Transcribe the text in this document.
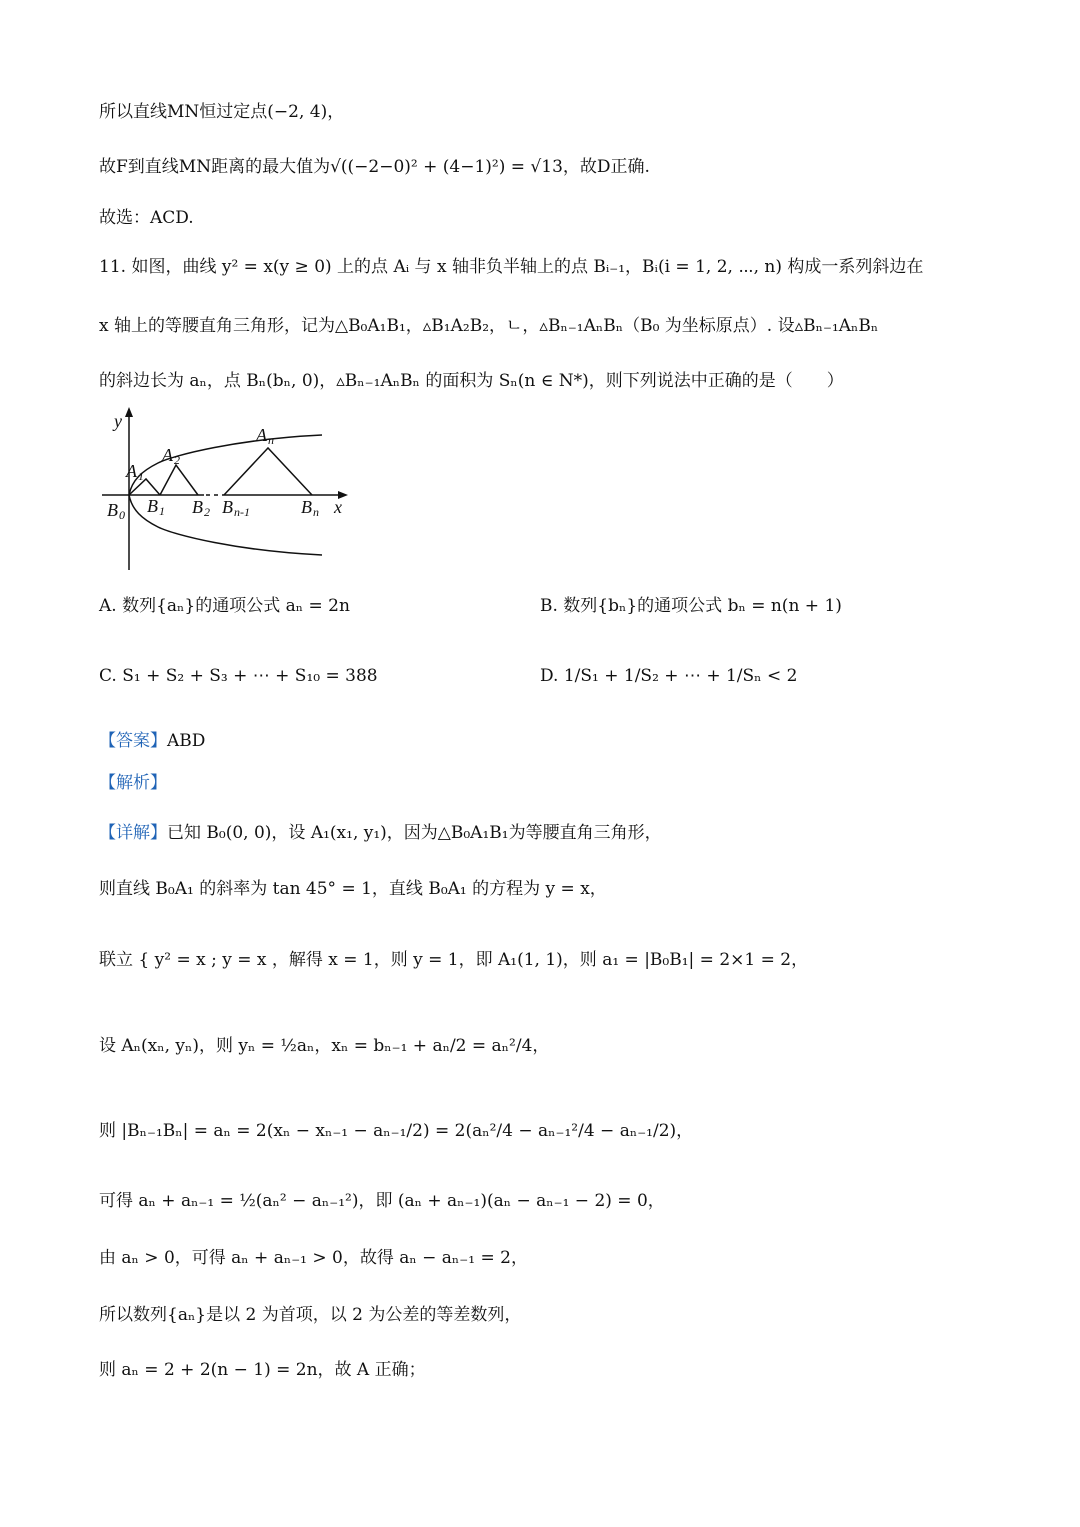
所以直线MN恒过定点(−2, 4)，
故F到直线MN距离的最大值为√((−2−0)² + (4−1)²) = √13，故D正确.
故选：ACD.
11. 如图，曲线 y² = x(y ≥ 0) 上的点 Aᵢ 与 x 轴非负半轴上的点 Bᵢ₋₁，Bᵢ(i = 1, 2, ⋯, n) 构成一系列斜边在
x 轴上的等腰直角三角形，记为△B₀A₁B₁，▵B₁A₂B₂，ㄴ，▵Bₙ₋₁AₙBₙ（B₀ 为坐标原点）. 设▵Bₙ₋₁AₙBₙ
的斜边长为 aₙ，点 Bₙ(bₙ, 0)，▵Bₙ₋₁AₙBₙ 的面积为 Sₙ(n ∈ N*)，则下列说法中正确的是（　　）
y
x
A 1
A 2
A n
B 0 B 1 B 2 B n-1	B n
A. 数列{aₙ}的通项公式 aₙ = 2n	B. 数列{bₙ}的通项公式 bₙ = n(n + 1)
C. S₁ + S₂ + S₃ + ⋯ + S₁₀ = 388	D. 1/S₁ + 1/S₂ + ⋯ + 1/Sₙ < 2
【答案】ABD
【解析】
【详解】已知 B₀(0, 0)，设 A₁(x₁, y₁)，因为△B₀A₁B₁为等腰直角三角形，
则直线 B₀A₁ 的斜率为 tan 45° = 1，直线 B₀A₁ 的方程为 y = x，
联立 { y² = x ; y = x ，解得 x = 1，则 y = 1，即 A₁(1, 1)，则 a₁ = |B₀B₁| = 2×1 = 2，
设 Aₙ(xₙ, yₙ)，则 yₙ = ½aₙ，xₙ = bₙ₋₁ + aₙ/2 = aₙ²/4，
则 |Bₙ₋₁Bₙ| = aₙ = 2(xₙ − xₙ₋₁ − aₙ₋₁/2) = 2(aₙ²/4 − aₙ₋₁²/4 − aₙ₋₁/2)，
可得 aₙ + aₙ₋₁ = ½(aₙ² − aₙ₋₁²)，即 (aₙ + aₙ₋₁)(aₙ − aₙ₋₁ − 2) = 0，
由 aₙ > 0，可得 aₙ + aₙ₋₁ > 0，故得 aₙ − aₙ₋₁ = 2，
所以数列{aₙ}是以 2 为首项，以 2 为公差的等差数列，
则 aₙ = 2 + 2(n − 1) = 2n，故 A 正确；
